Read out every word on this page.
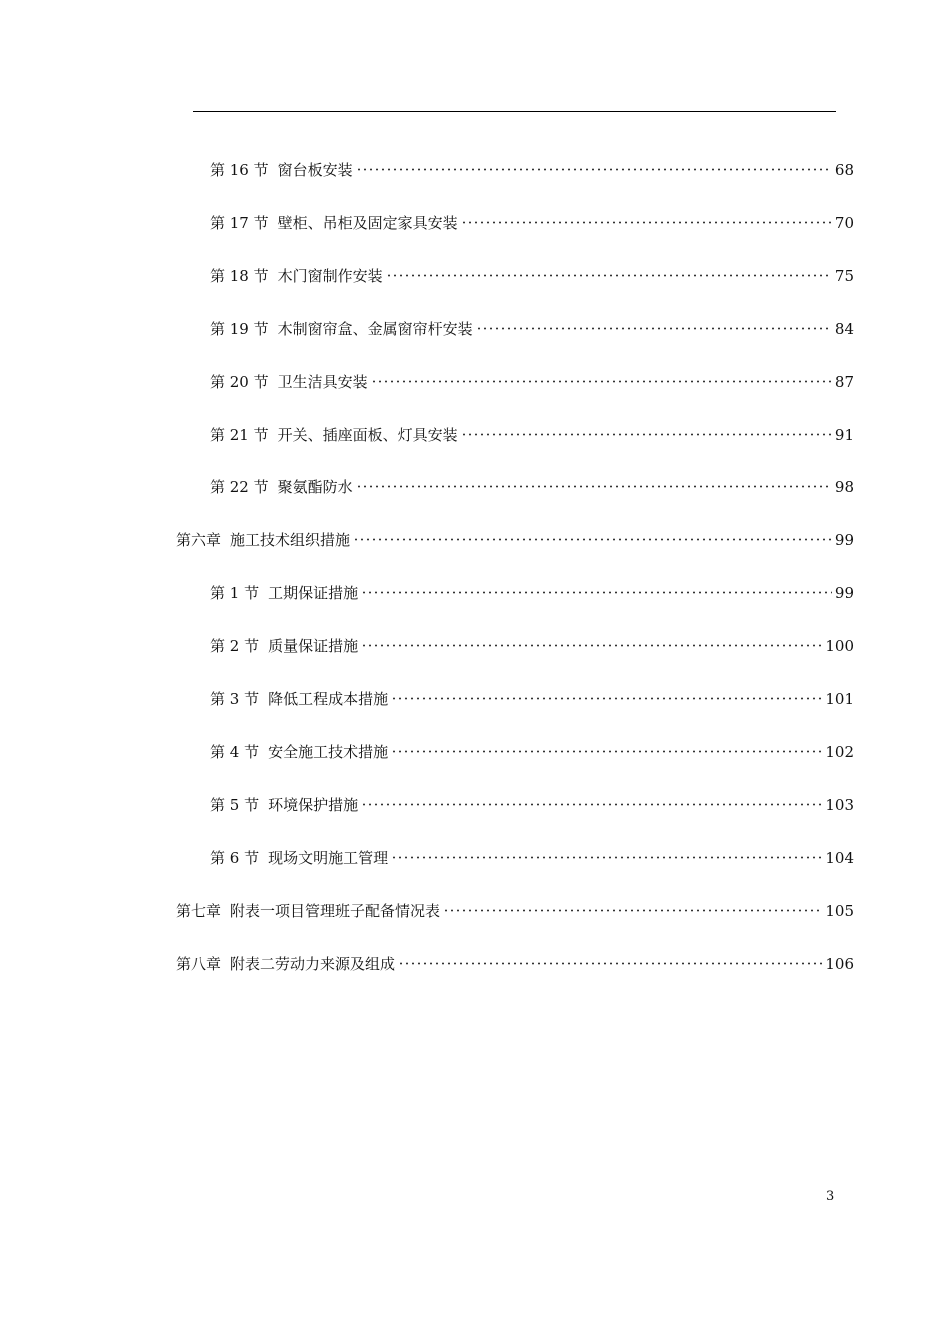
第 16 节 窗台板安装	68
第 17 节 壁柜、吊柜及固定家具安装	70
第 18 节 木门窗制作安装	75
第 19 节 木制窗帘盒、金属窗帘杆安装	84
第 20 节 卫生洁具安装	87
第 21 节 开关、插座面板、灯具安装	91
第 22 节 聚氨酯防水	98
第六章 施工技术组织措施	99
第 1 节 工期保证措施	99
第 2 节 质量保证措施	100
第 3 节 降低工程成本措施	101
第 4 节 安全施工技术措施	102
第 5 节 环境保护措施	103
第 6 节 现场文明施工管理	104
第七章 附表一项目管理班子配备情况表	105
第八章 附表二劳动力来源及组成	106
3
